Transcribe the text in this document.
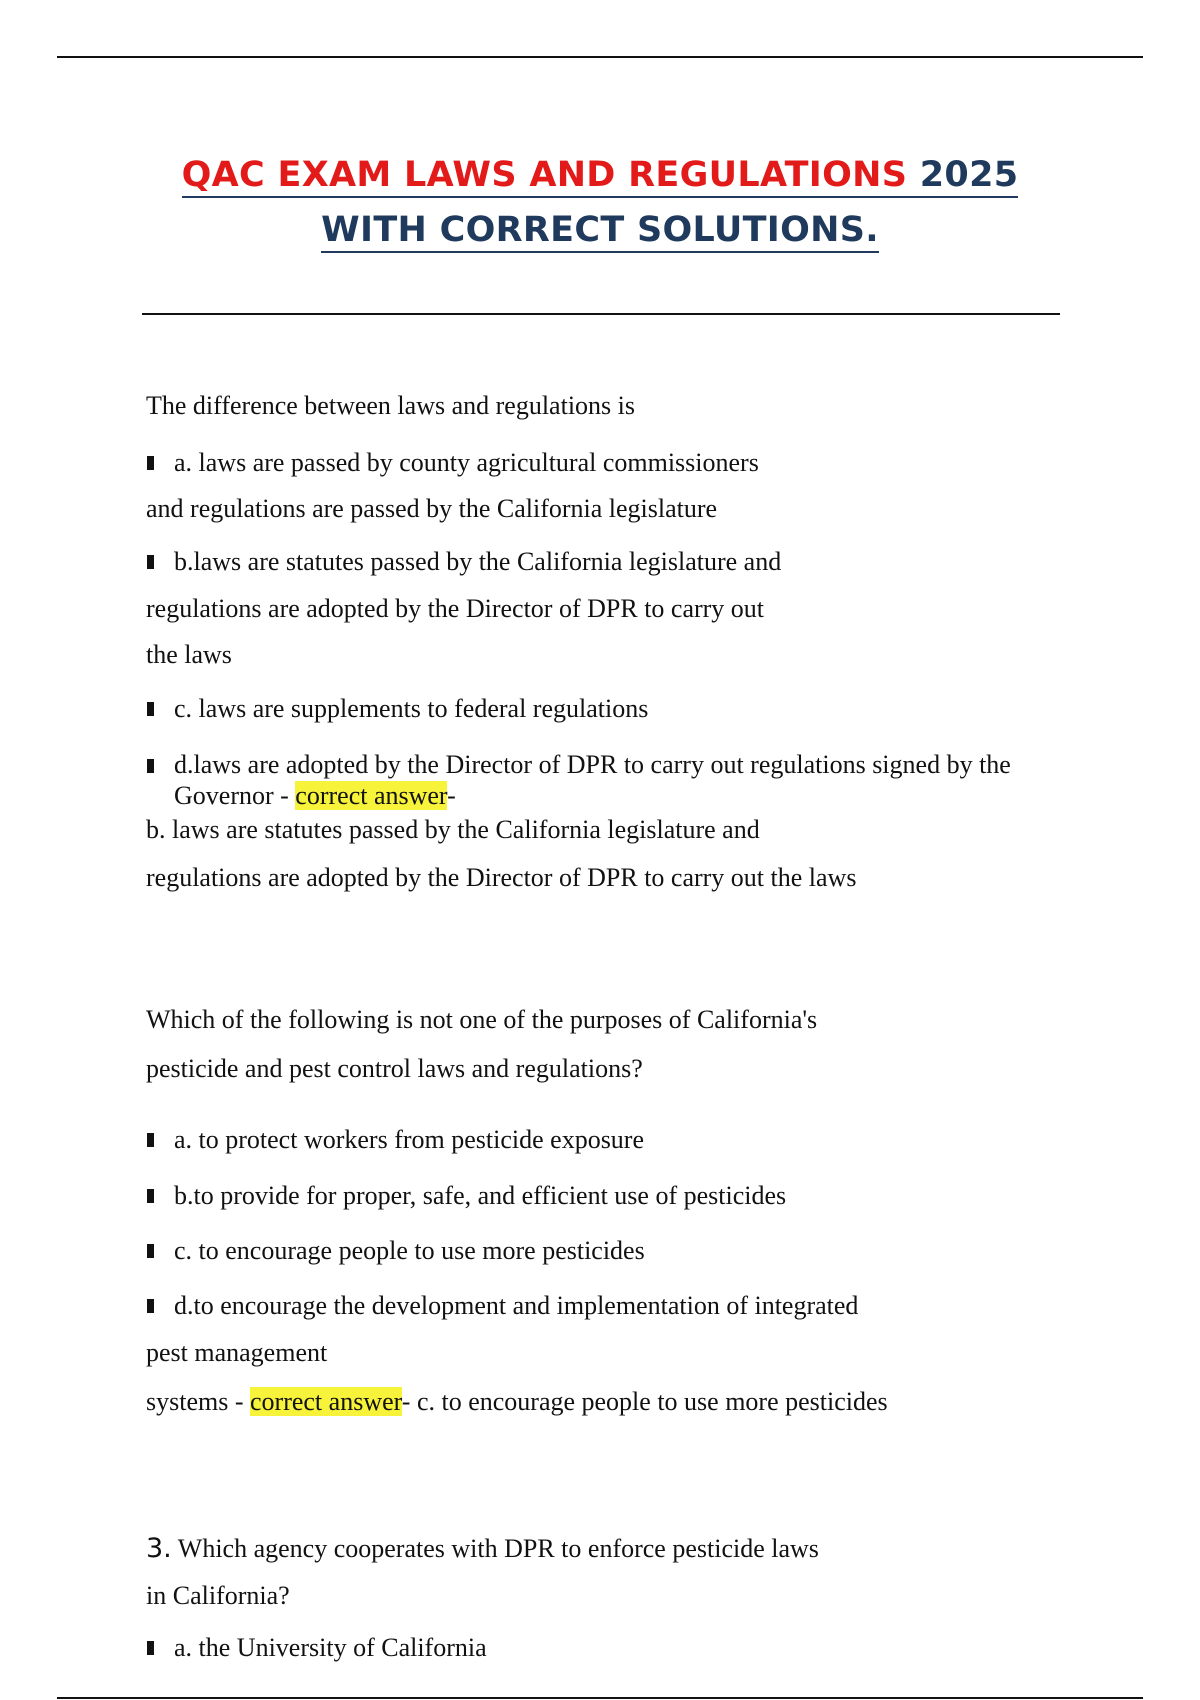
QAC EXAM LAWS AND REGULATIONS 2025
WITH CORRECT SOLUTIONS.
The difference between laws and regulations is
a. laws are passed by county agricultural commissioners
and regulations are passed by the California legislature
b.laws are statutes passed by the California legislature and
regulations are adopted by the Director of DPR to carry out
the laws
c. laws are supplements to federal regulations
d.laws are adopted by the Director of DPR to carry out regulations signed by the
Governor - correct answer-
b. laws are statutes passed by the California legislature and
regulations are adopted by the Director of DPR to carry out the laws
Which of the following is not one of the purposes of California's
pesticide and pest control laws and regulations?
a. to protect workers from pesticide exposure
b.to provide for proper, safe, and efficient use of pesticides
c. to encourage people to use more pesticides
d.to encourage the development and implementation of integrated
pest management
systems - correct answer- c. to encourage people to use more pesticides
3. Which agency cooperates with DPR to enforce pesticide laws
in California?
a. the University of California
